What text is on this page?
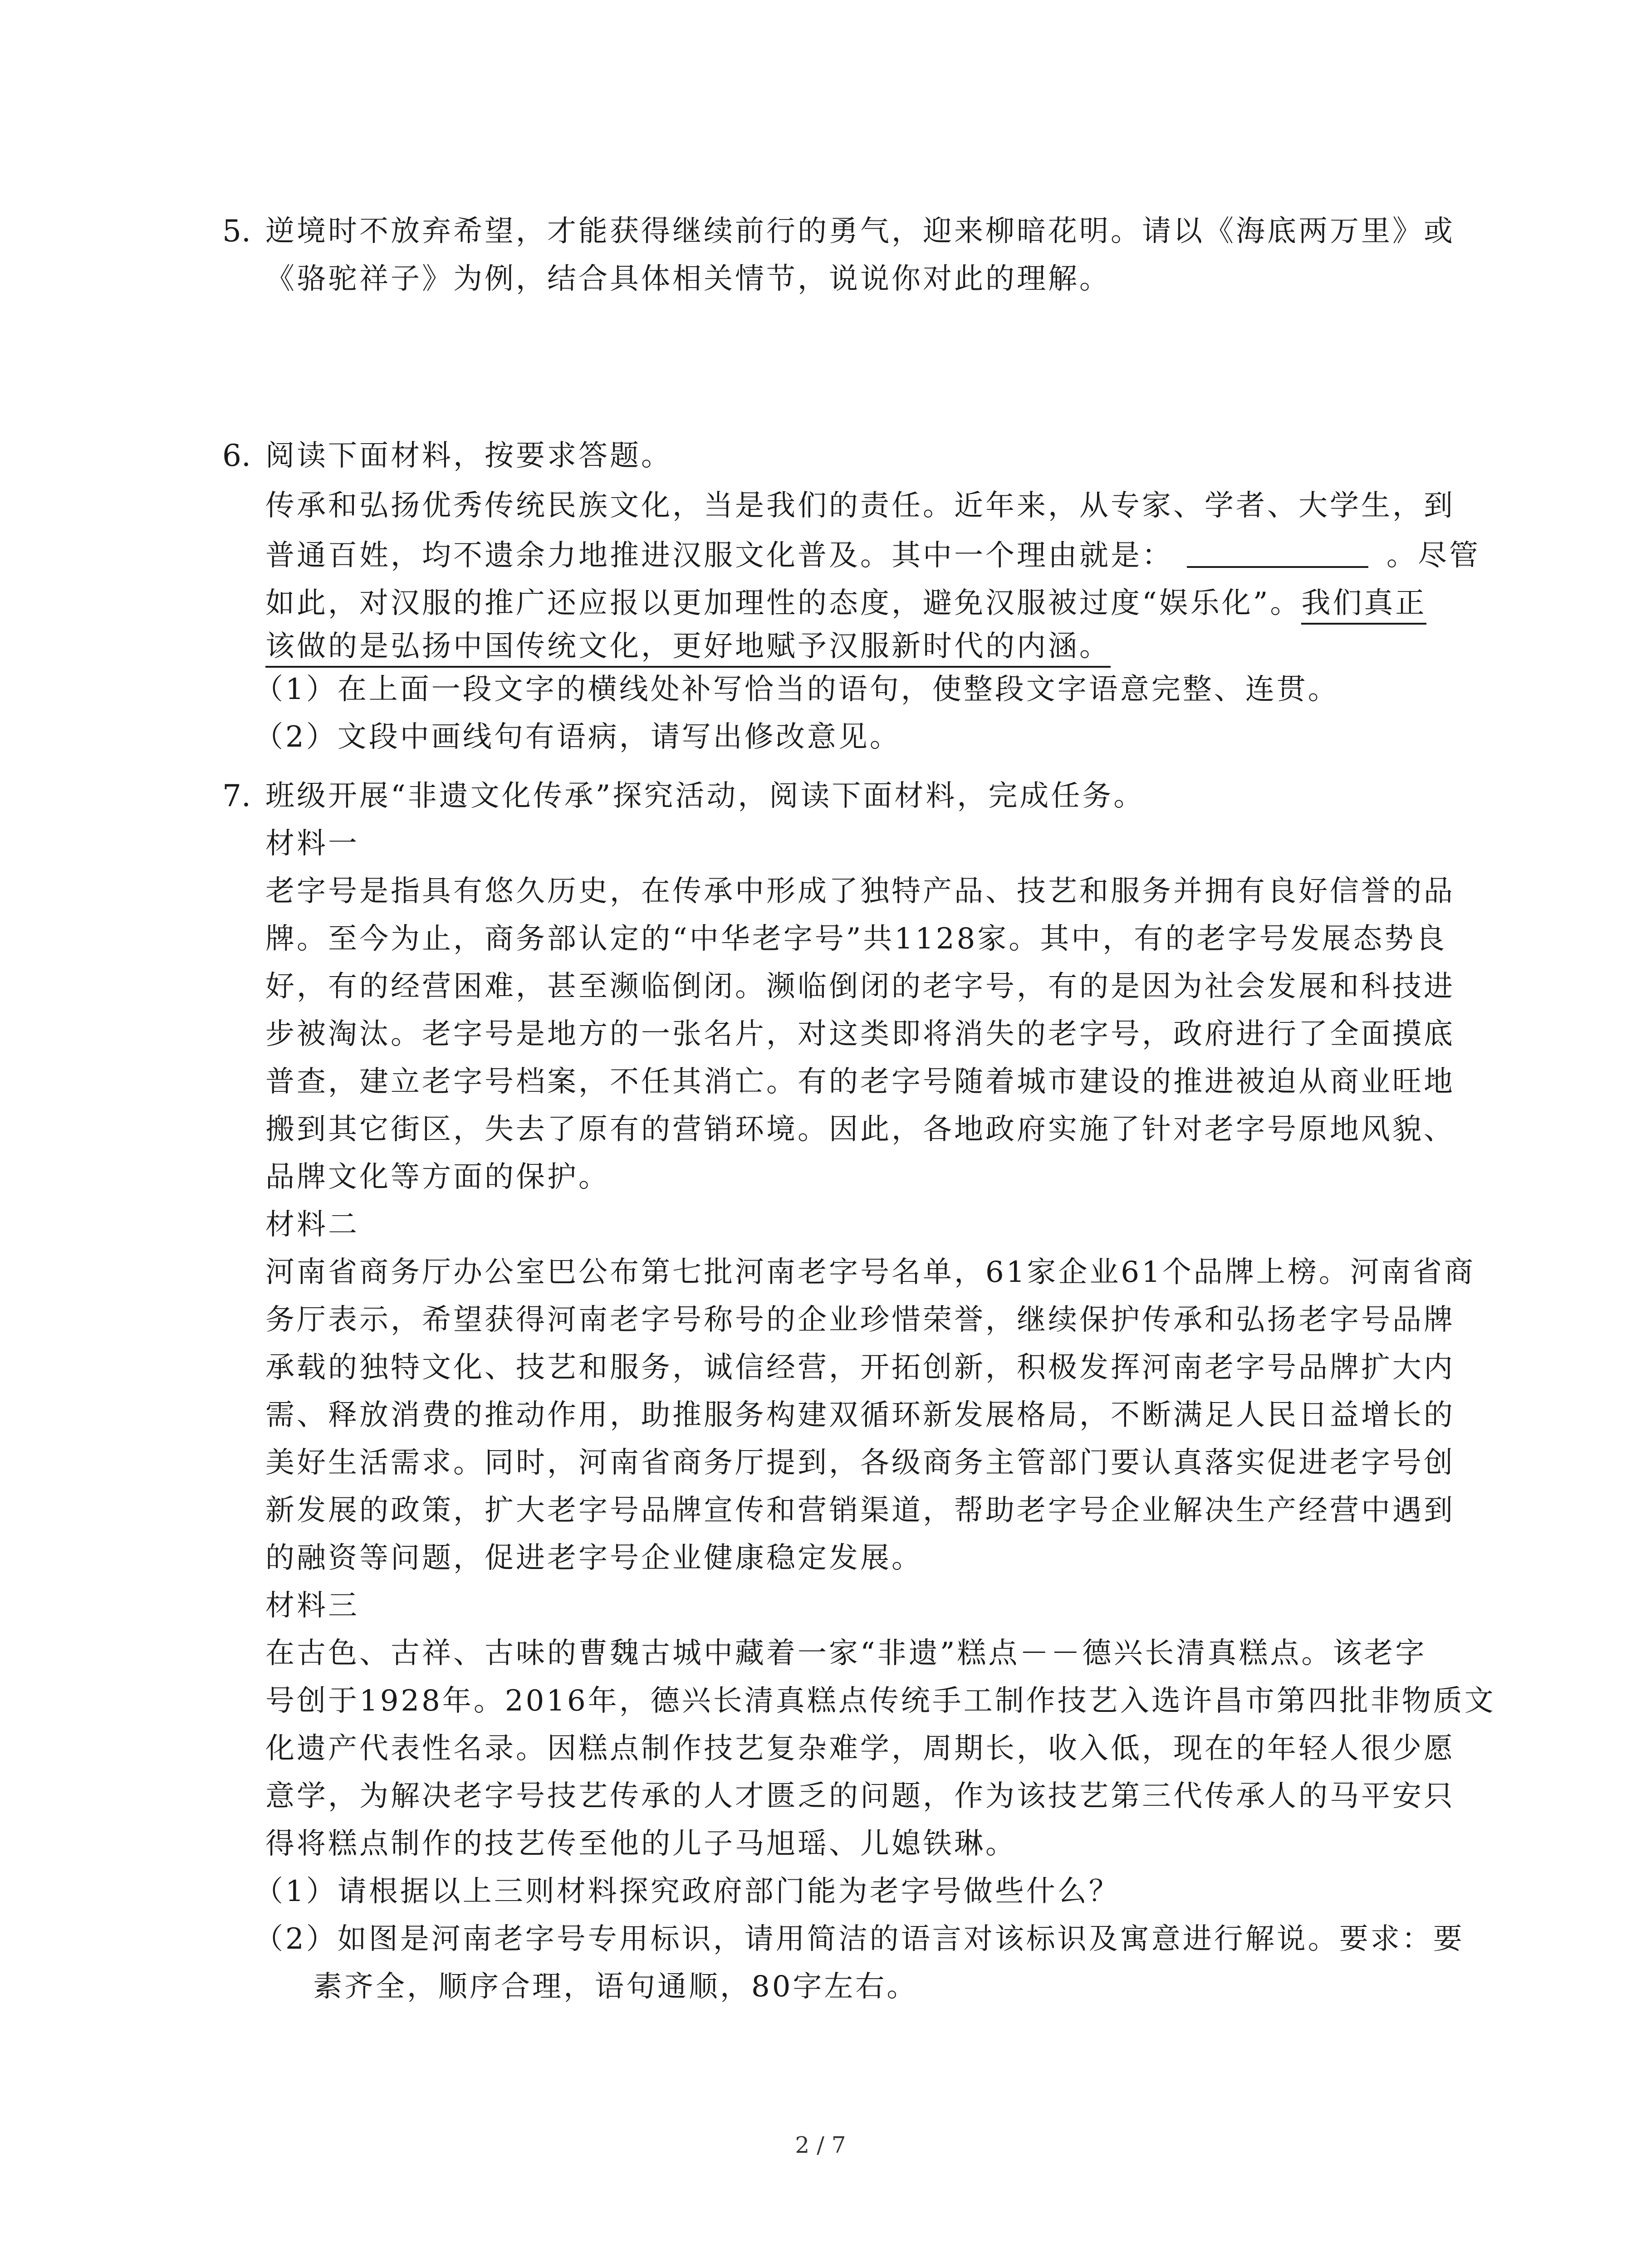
5. 逆境时不放弃希望，才能获得继续前行的勇气，迎来柳暗花明。请以《海底两万里》或
《骆驼祥子》为例，结合具体相关情节，说说你对此的理解。
6. 阅读下面材料，按要求答题。
传承和弘扬优秀传统民族文化，当是我们的责任。近年来，从专家、学者、大学生，到
普通百姓，均不遗余力地推进汉服文化普及。其中一个理由就是：	。尽管
如此，对汉服的推广还应报以更加理性的态度，避免汉服被过度“娱乐化”。我们真正
该做的是弘扬中国传统文化，更好地赋予汉服新时代的内涵。
（1）在上面一段文字的横线处补写恰当的语句，使整段文字语意完整、连贯。
（2）文段中画线句有语病，请写出修改意见。
7. 班级开展“非遗文化传承”探究活动，阅读下面材料，完成任务。
材料一
老字号是指具有悠久历史，在传承中形成了独特产品、技艺和服务并拥有良好信誉的品
牌。至今为止，商务部认定的“中华老字号”共1128家。其中，有的老字号发展态势良
好，有的经营困难，甚至濒临倒闭。濒临倒闭的老字号，有的是因为社会发展和科技进
步被淘汰。老字号是地方的一张名片，对这类即将消失的老字号，政府进行了全面摸底
普查，建立老字号档案，不任其消亡。有的老字号随着城市建设的推进被迫从商业旺地
搬到其它街区，失去了原有的营销环境。因此，各地政府实施了针对老字号原地风貌、
品牌文化等方面的保护。
材料二
河南省商务厅办公室巴公布第七批河南老字号名单，61家企业61个品牌上榜。河南省商
务厅表示，希望获得河南老字号称号的企业珍惜荣誉，继续保护传承和弘扬老字号品牌
承载的独特文化、技艺和服务，诚信经营，开拓创新，积极发挥河南老字号品牌扩大内
需、释放消费的推动作用，助推服务构建双循环新发展格局，不断满足人民日益增长的
美好生活需求。同时，河南省商务厅提到，各级商务主管部门要认真落实促进老字号创
新发展的政策，扩大老字号品牌宣传和营销渠道，帮助老字号企业解决生产经营中遇到
的融资等问题，促进老字号企业健康稳定发展。
材料三
在古色、古祥、古味的曹魏古城中藏着一家“非遗”糕点－－德兴长清真糕点。该老字
号创于1928年。2016年，德兴长清真糕点传统手工制作技艺入选许昌市第四批非物质文
化遗产代表性名录。因糕点制作技艺复杂难学，周期长，收入低，现在的年轻人很少愿
意学，为解决老字号技艺传承的人才匮乏的问题，作为该技艺第三代传承人的马平安只
得将糕点制作的技艺传至他的儿子马旭瑶、儿媳铁琳。
（1）请根据以上三则材料探究政府部门能为老字号做些什么？
（2）如图是河南老字号专用标识，请用简洁的语言对该标识及寓意进行解说。要求：要
素齐全，顺序合理，语句通顺，80字左右。
2 / 7
